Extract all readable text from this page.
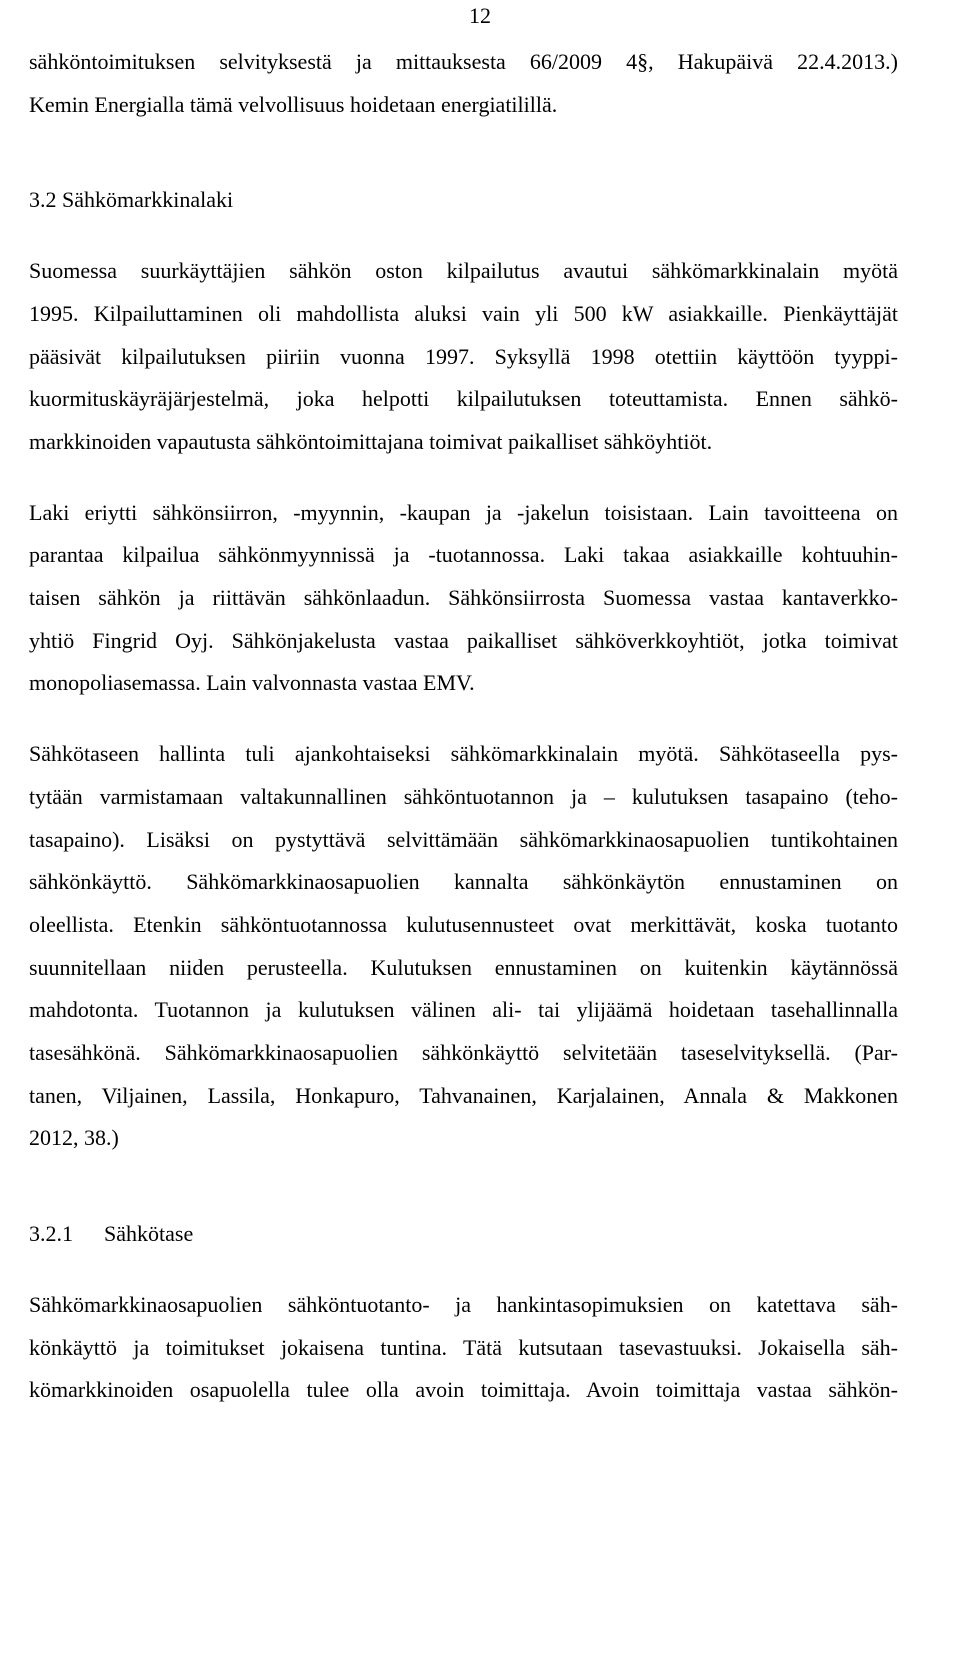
12
sähköntoimituksen selvityksestä ja mittauksesta 66/2009 4§, Hakupäivä 22.4.2013.)
Kemin Energialla tämä velvollisuus hoidetaan energiatilillä.
3.2 Sähkömarkkinalaki
Suomessa suurkäyttäjien sähkön oston kilpailutus avautui sähkömarkkinalain myötä
1995. Kilpailuttaminen oli mahdollista aluksi vain yli 500 kW asiakkaille. Pienkäyttäjät
pääsivät kilpailutuksen piiriin vuonna 1997. Syksyllä 1998 otettiin käyttöön tyyppi-
kuormituskäyräjärjestelmä, joka helpotti kilpailutuksen toteuttamista. Ennen sähkö-
markkinoiden vapautusta sähköntoimittajana toimivat paikalliset sähköyhtiöt.
Laki eriytti sähkönsiirron, -myynnin, -kaupan ja -jakelun toisistaan. Lain tavoitteena on
parantaa kilpailua sähkönmyynnissä ja -tuotannossa. Laki takaa asiakkaille kohtuuhin-
taisen sähkön ja riittävän sähkönlaadun. Sähkönsiirrosta Suomessa vastaa kantaverkko-
yhtiö Fingrid Oyj. Sähkönjakelusta vastaa paikalliset sähköverkkoyhtiöt, jotka toimivat
monopoliasemassa. Lain valvonnasta vastaa EMV.
Sähkötaseen hallinta tuli ajankohtaiseksi sähkömarkkinalain myötä. Sähkötaseella pys-
tytään varmistamaan valtakunnallinen sähköntuotannon ja – kulutuksen tasapaino (teho-
tasapaino). Lisäksi on pystyttävä selvittämään sähkömarkkinaosapuolien tuntikohtainen
sähkönkäyttö. Sähkömarkkinaosapuolien kannalta sähkönkäytön ennustaminen on
oleellista. Etenkin sähköntuotannossa kulutusennusteet ovat merkittävät, koska tuotanto
suunnitellaan niiden perusteella. Kulutuksen ennustaminen on kuitenkin käytännössä
mahdotonta. Tuotannon ja kulutuksen välinen ali- tai ylijäämä hoidetaan tasehallinnalla
tasesähkönä. Sähkömarkkinaosapuolien sähkönkäyttö selvitetään taseselvityksellä. (Par-
tanen, Viljainen, Lassila, Honkapuro, Tahvanainen, Karjalainen, Annala & Makkonen
2012, 38.)
3.2.1 Sähkötase
Sähkömarkkinaosapuolien sähköntuotanto- ja hankintasopimuksien on katettava säh-
könkäyttö ja toimitukset jokaisena tuntina. Tätä kutsutaan tasevastuuksi. Jokaisella säh-
kömarkkinoiden osapuolella tulee olla avoin toimittaja. Avoin toimittaja vastaa sähkön-
